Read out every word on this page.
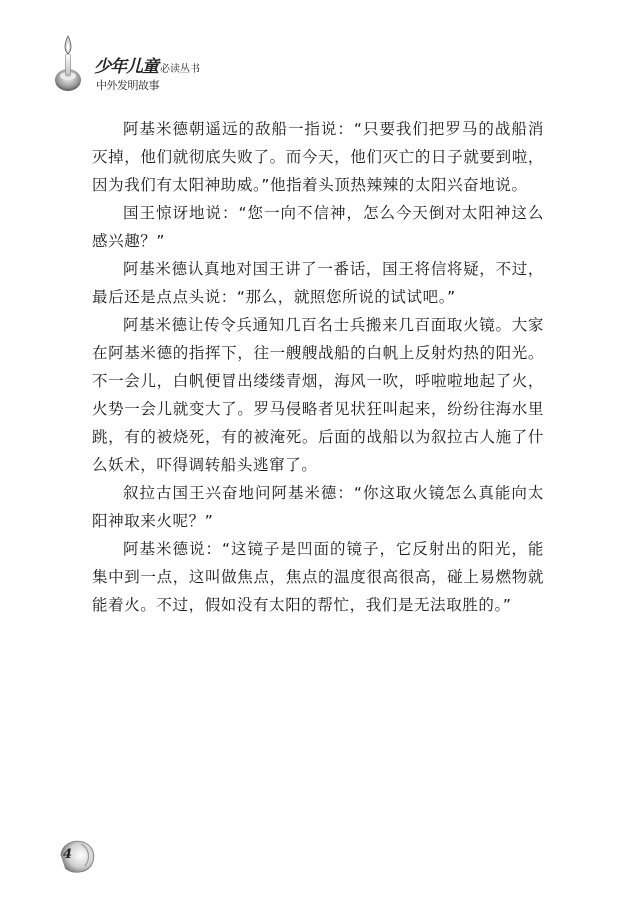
少年儿童 必读丛书
中外发明故事

阿基米德朝遥远的敌船一指说：“只要我们把罗马的战船消灭掉，他们就彻底失败了。而今天，他们灭亡的日子就要到啦，因为我们有太阳神助威。”他指着头顶热辣辣的太阳兴奋地说。

国王惊讶地说：“您一向不信神，怎么今天倒对太阳神这么感兴趣？”

阿基米德认真地对国王讲了一番话，国王将信将疑，不过，最后还是点点头说：“那么，就照您所说的试试吧。”

阿基米德让传令兵通知几百名士兵搬来几百面取火镜。大家在阿基米德的指挥下，往一艘艘战船的白帆上反射灼热的阳光。不一会儿，白帆便冒出缕缕青烟，海风一吹，呼啦啦地起了火，火势一会儿就变大了。罗马侵略者见状狂叫起来，纷纷往海水里跳，有的被烧死，有的被淹死。后面的战船以为叙拉古人施了什么妖术，吓得调转船头逃窜了。

叙拉古国王兴奋地问阿基米德：“你这取火镜怎么真能向太阳神取来火呢？”

阿基米德说：“这镜子是凹面的镜子，它反射出的阳光，能集中到一点，这叫做焦点，焦点的温度很高很高，碰上易燃物就能着火。不过，假如没有太阳的帮忙，我们是无法取胜的。”

4
